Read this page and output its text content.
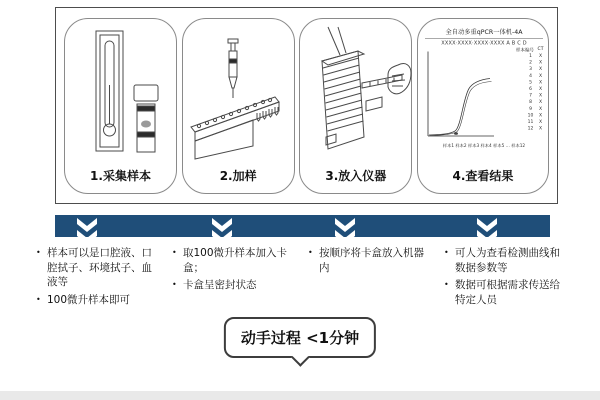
1.采集样本	2.加样	3.放入仪器
全自动多重qPCR一体机-4A
XXXX·XXXX·XXXX·XXXX A B C D
样本编号 CT
1 X
2 X
3 X
4 X
5 X
6 X
7 X
8 X
9 X
10 X
11 X
12 X
样本1 样本2 样本3 样本4 样本5 … 样本12
4.查看结果
• 样本可以是口腔液、口腔拭子、环境拭子、血液等
• 100微升样本即可
• 取100微升样本加入卡盒；
• 卡盒呈密封状态
• 按顺序将卡盒放入机器内
• 可人为查看检测曲线和数据参数等
• 数据可根据需求传送给特定人员
动手过程 <1分钟
